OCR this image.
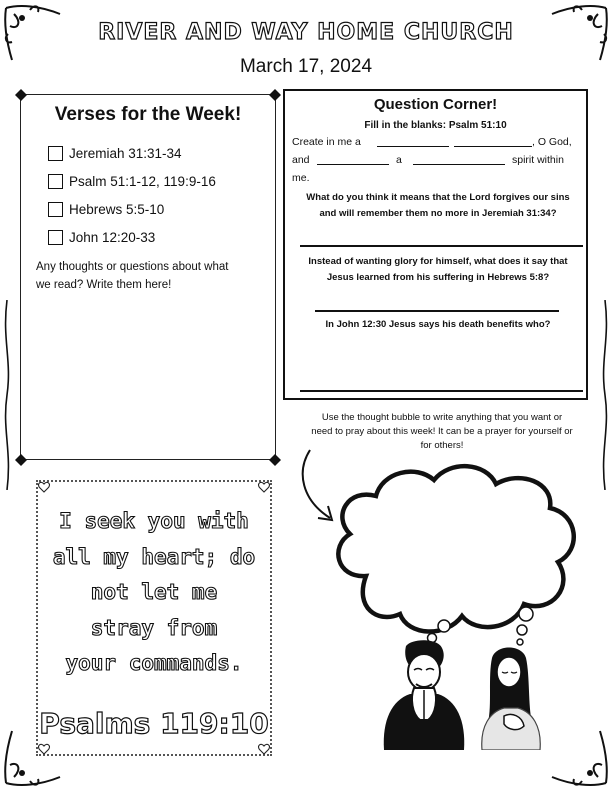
RIVER AND WAY HOME CHURCH
March 17, 2024
Verses for the Week!
Jeremiah 31:31-34
Psalm 51:1-12, 119:9-16
Hebrews 5:5-10
John 12:20-33
Any thoughts or questions about what
we read? Write them here!
Question Corner!
Fill in the blanks: Psalm 51:10
Create in me a	, O God,
and	a	spirit within
me.
What do you think it means that the Lord forgives our sins
and will remember them no more in Jeremiah 31:34?
Instead of wanting glory for himself, what does it say that
Jesus learned from his suffering in Hebrews 5:8?
In John 12:30 Jesus says his death benefits who?
I seek you with
all my heart; do
not let me
stray from
your commands.
Psalms 119:10
Use the thought bubble to write anything that you want or
need to pray about this week! It can be a prayer for yourself or
for others!
